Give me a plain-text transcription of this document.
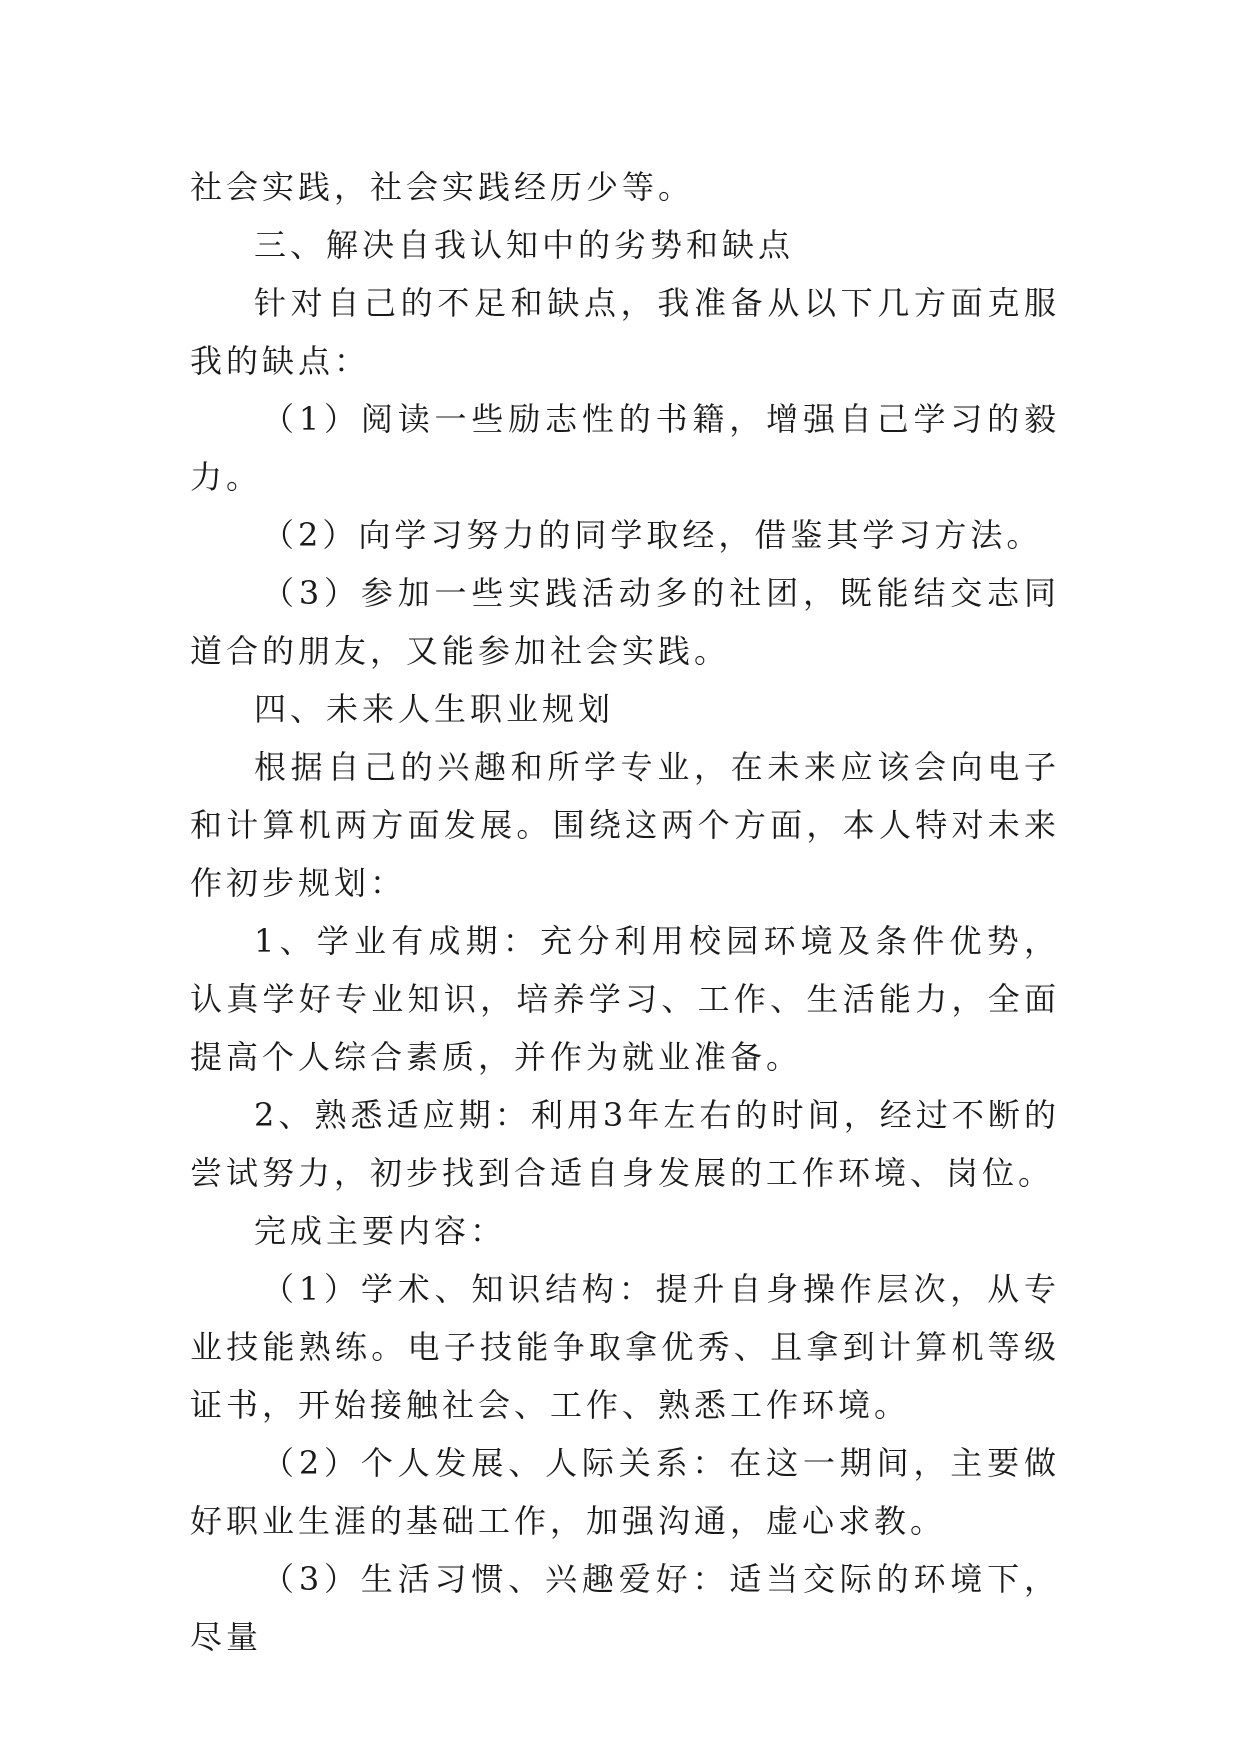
社会实践，社会实践经历少等。

三、解决自我认知中的劣势和缺点

针对自己的不足和缺点，我准备从以下几方面克服我的缺点：

（1）阅读一些励志性的书籍，增强自己学习的毅力。

（2）向学习努力的同学取经，借鉴其学习方法。

（3）参加一些实践活动多的社团，既能结交志同道合的朋友，又能参加社会实践。

四、未来人生职业规划

根据自己的兴趣和所学专业，在未来应该会向电子和计算机两方面发展。围绕这两个方面，本人特对未来作初步规划：

1、学业有成期：充分利用校园环境及条件优势，认真学好专业知识，培养学习、工作、生活能力，全面提高个人综合素质，并作为就业准备。

2、熟悉适应期：利用3年左右的时间，经过不断的尝试努力，初步找到合适自身发展的工作环境、岗位。

完成主要内容：

（1）学术、知识结构：提升自身操作层次，从专业技能熟练。电子技能争取拿优秀、且拿到计算机等级证书，开始接触社会、工作、熟悉工作环境。

（2）个人发展、人际关系：在这一期间，主要做好职业生涯的基础工作，加强沟通，虚心求教。

（3）生活习惯、兴趣爱好：适当交际的环境下，尽量
